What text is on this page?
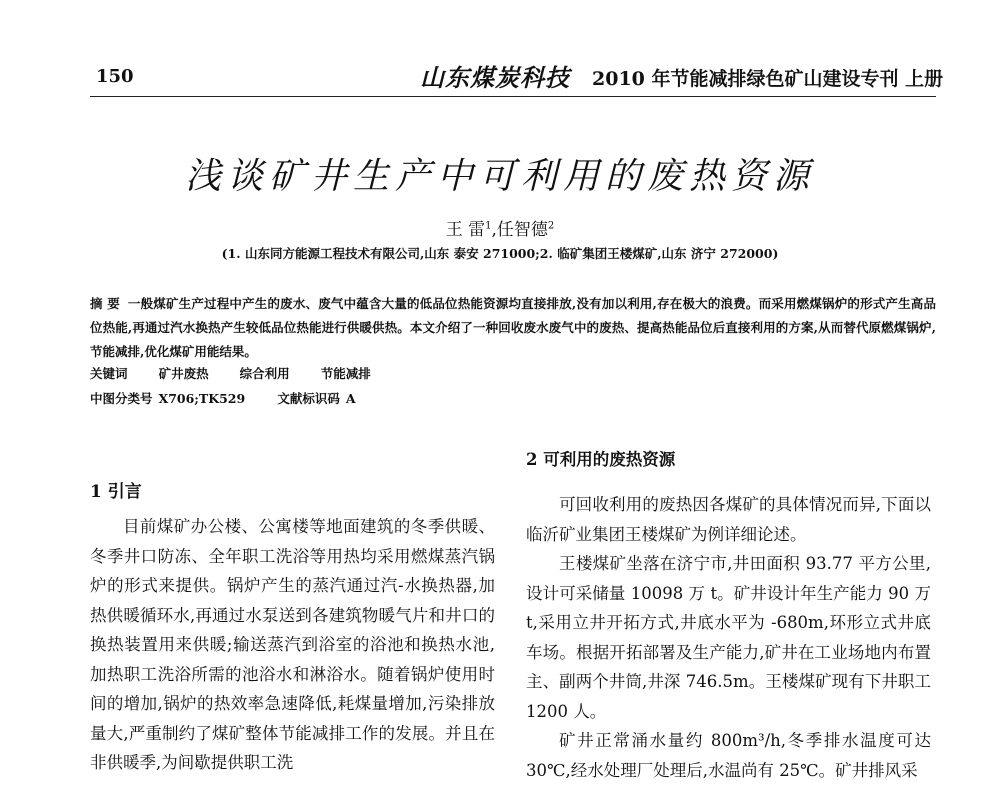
150	山东煤炭科技 2010 年节能减排绿色矿山建设专刊 上册
浅谈矿井生产中可利用的废热资源
王 雷$^1$,任智德$^2$
(1. 山东同方能源工程技术有限公司,山东 泰安 271000;2. 临矿集团王楼煤矿,山东 济宁 272000)
摘 要 一般煤矿生产过程中产生的废水、废气中蕴含大量的低品位热能资源均直接排放,没有加以利用,存在极大的浪费。而采用燃煤锅炉的形式产生高品位热能,再通过汽水换热产生较低品位热能进行供暖供热。本文介绍了一种回收废水废气中的废热、提高热能品位后直接利用的方案,从而替代原燃煤锅炉,节能减排,优化煤矿用能结果。
关键词 矿井废热 综合利用 节能减排
中图分类号 X706;TK529	文献标识码 A
1 引言

目前煤矿办公楼、公寓楼等地面建筑的冬季供暖、冬季井口防冻、全年职工洗浴等用热均采用燃煤蒸汽锅炉的形式来提供。锅炉产生的蒸汽通过汽-水换热器,加热供暖循环水,再通过水泵送到各建筑物暖气片和井口的换热装置用来供暖;输送蒸汽到浴室的浴池和换热水池,加热职工洗浴所需的池浴水和淋浴水。随着锅炉使用时间的增加,锅炉的热效率急速降低,耗煤量增加,污染排放量大,严重制约了煤矿整体节能减排工作的发展。并且在非供暖季,为间歇提供职工洗

2 可利用的废热资源

可回收利用的废热因各煤矿的具体情况而异,下面以临沂矿业集团王楼煤矿为例详细论述。

王楼煤矿坐落在济宁市,井田面积 93.77 平方公里,设计可采储量 10098 万 t。矿井设计年生产能力 90 万 t,采用立井开拓方式,井底水平为 -680m,环形立式井底车场。根据开拓部署及生产能力,矿井在工业场地内布置主、副两个井筒,井深 746.5m。王楼煤矿现有下井职工 1200 人。

矿井正常涌水量约 800m³/h,冬季排水温度可达 30℃,经水处理厂处理后,水温尚有 25℃。矿井排风采
